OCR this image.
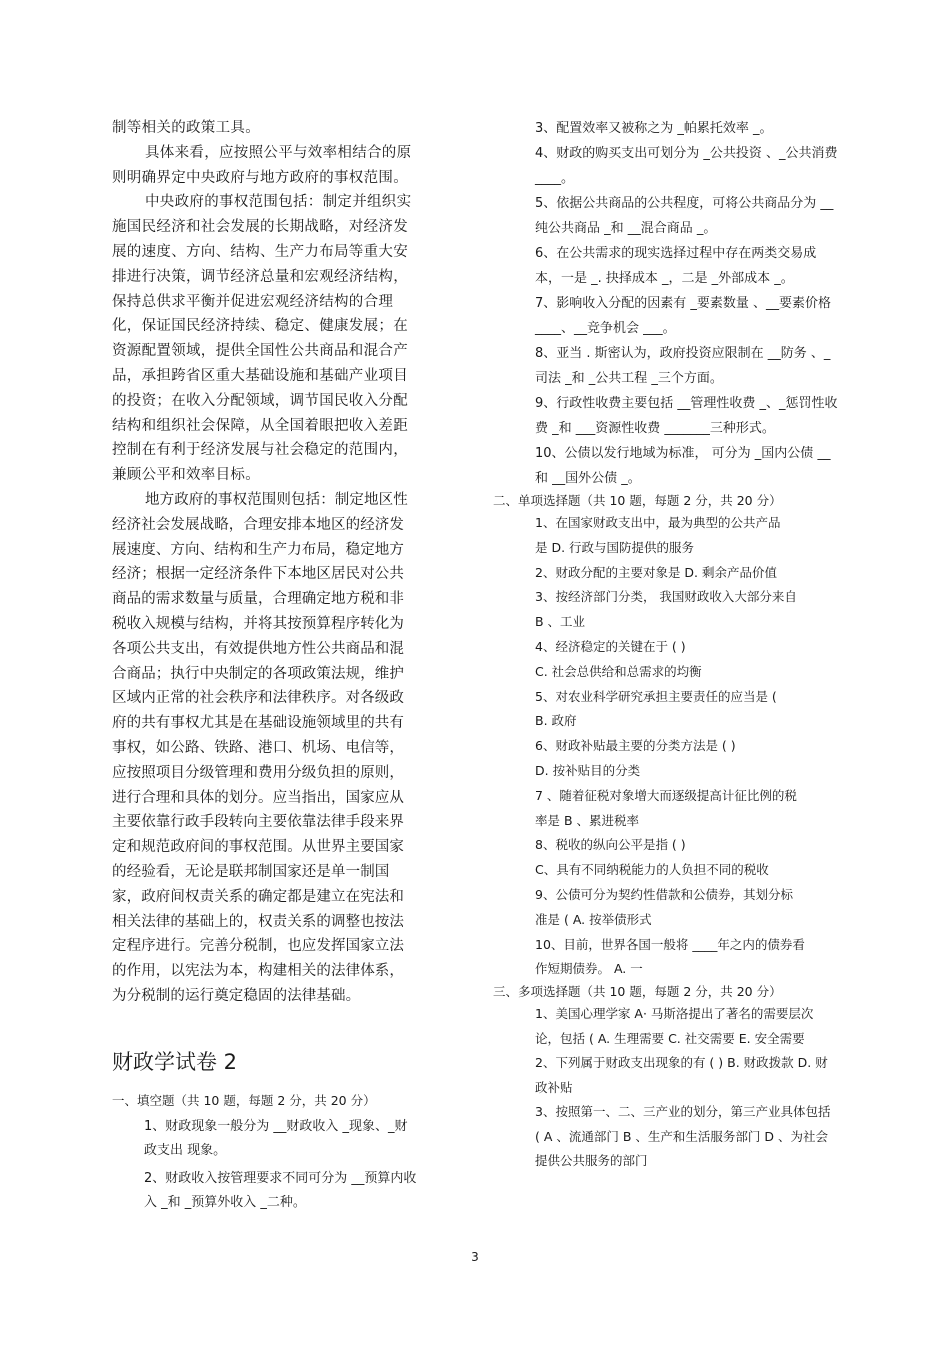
制等相关的政策工具。

具体来看，应按照公平与效率相结合的原则明确界定中央政府与地方政府的事权范围。

中央政府的事权范围包括：制定并组织实施国民经济和社会发展的长期战略，对经济发展的速度、方向、结构、生产力布局等重大安排进行决策，调节经济总量和宏观经济结构，保持总供求平衡并促进宏观经济结构的合理化，保证国民经济持续、稳定、健康发展；在资源配置领域，提供全国性公共商品和混合产品，承担跨省区重大基础设施和基础产业项目的投资；在收入分配领域，调节国民收入分配结构和组织社会保障，从全国着眼把收入差距控制在有利于经济发展与社会稳定的范围内，兼顾公平和效率目标。

地方政府的事权范围则包括：制定地区性经济社会发展战略，合理安排本地区的经济发展速度、方向、结构和生产力布局，稳定地方经济；根据一定经济条件下本地区居民对公共商品的需求数量与质量，合理确定地方税和非税收入规模与结构，并将其按预算程序转化为各项公共支出，有效提供地方性公共商品和混合商品；执行中央制定的各项政策法规，维护区域内正常的社会秩序和法律秩序。对各级政府的共有事权尤其是在基础设施领域里的共有事权，如公路、铁路、港口、机场、电信等，应按照项目分级管理和费用分级负担的原则，进行合理和具体的划分。应当指出，国家应从主要依靠行政手段转向主要依靠法律手段来界定和规范政府间的事权范围。从世界主要国家的经验看，无论是联邦制国家还是单一制国家，政府间权责关系的确定都是建立在宪法和相关法律的基础上的，权责关系的调整也按法定程序进行。完善分税制，也应发挥国家立法的作用，以宪法为本，构建相关的法律体系，为分税制的运行奠定稳固的法律基础。

财政学试卷 2

一、填空题（共 10 题，每题 2 分，共 20 分）

1、财政现象一般分为 __财政收入 _现象、_财政支出 现象。

2、财政收入按管理要求不同可分为 __预算内收入 _和 _预算外收入 _二种。

3、配置效率又被称之为 _帕累托效率 _。

4、财政的购买支出可划分为 _公共投资 、_公共消费 ____。

5、依据公共商品的公共程度，可将公共商品分为 __纯公共商品 _和 __混合商品 _。

6、在公共需求的现实选择过程中存在两类交易成本，一是 _. 抉择成本 _，二是 _外部成本 _。

7、影响收入分配的因素有 _要素数量 、__要素价格 ____、__竞争机会 ___。

8、亚当 . 斯密认为，政府投资应限制在 __防务 、_司法 _和 _公共工程 _三个方面。

9、行政性收费主要包括 __管理性收费 _、_惩罚性收费 _和 ___资源性收费 _______三种形式。

10、公债以发行地域为标准， 可分为 _国内公债 __ 和 __国外公债 _。

二、单项选择题（共 10 题，每题 2 分，共 20 分）

1、在国家财政支出中，最为典型的公共产品
是 D. 行政与国防提供的服务

2、财政分配的主要对象是 D. 剩余产品价值

3、按经济部门分类， 我国财政收入大部分来自
B 、工业

4、经济稳定的关键在于 ( )
C. 社会总供给和总需求的均衡

5、对农业科学研究承担主要责任的应当是 (
B. 政府

6、财政补贴最主要的分类方法是 ( )
D. 按补贴目的分类

7 、随着征税对象增大而逐级提高计征比例的税
率是 B 、累进税率

8、税收的纵向公平是指 ( )
C、具有不同纳税能力的人负担不同的税收

9、公债可分为契约性借款和公债券，其划分标
准是 ( A. 按举债形式

10、目前，世界各国一般将 ____年之内的债券看
作短期债券。 A. 一

三、多项选择题（共 10 题，每题 2 分，共 20 分）

1、美国心理学家 A· 马斯洛提出了著名的需要层次论，包括 ( A. 生理需要 C. 社交需要 E. 安全需要

2、下列属于财政支出现象的有 ( ) B. 财政拨款 D. 财政补贴

3、按照第一、二、三产业的划分，第三产业具体包括 ( A 、流通部门 B 、生产和生活服务部门 D 、为社会提供公共服务的部门

3
